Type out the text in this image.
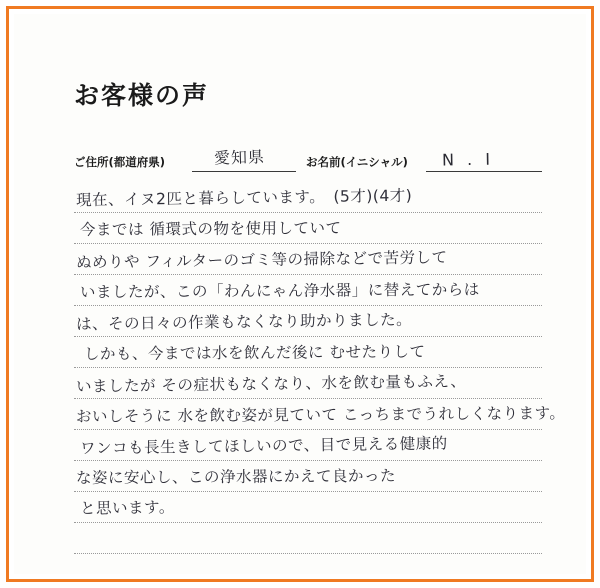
お客様の声
ご住所(都道府県)	愛知県	お名前(イニシャル) N . I
現在、イヌ2匹と暮らしています。　(5才)(4才)
今までは 循環式の物を使用していて
ぬめりや フィルターのゴミ等の掃除などで苦労して
いましたが、この「わんにゃん浄水器」に替えてからは
は、その日々の作業もなくなり助かりました。
しかも、今までは水を飲んだ後に むせたりして
いましたが その症状もなくなり、水を飲む量もふえ、
おいしそうに 水を飲む姿が見ていて こっちまでうれしくなります。
ワンコも長生きしてほしいので、目で見える健康的
な姿に安心し、この浄水器にかえて良かった
と思います。
